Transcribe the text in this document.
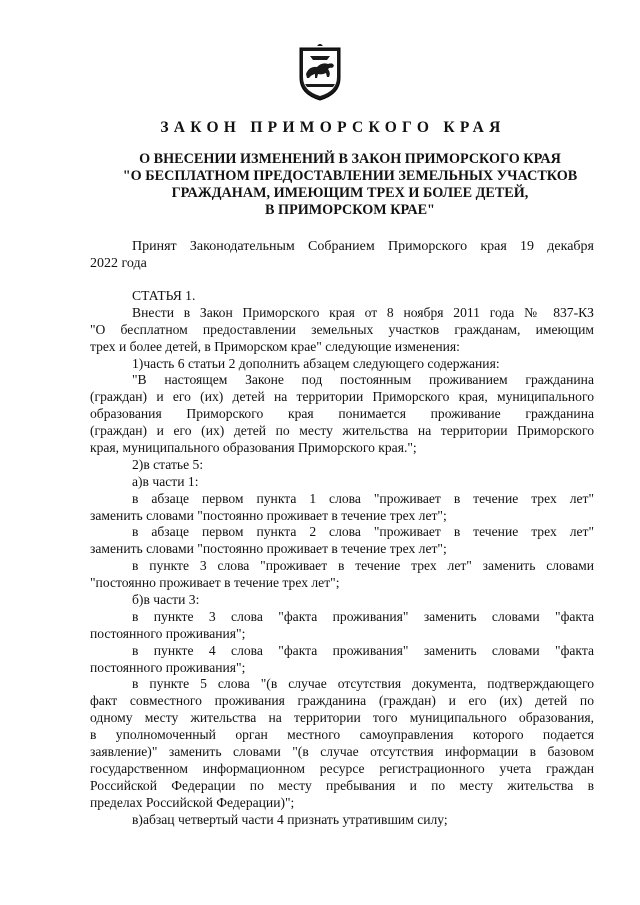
ЗАКОН ПРИМОРСКОГО КРАЯ
О ВНЕСЕНИИ ИЗМЕНЕНИЙ В ЗАКОН ПРИМОРСКОГО КРАЯ
"О БЕСПЛАТНОМ ПРЕДОСТАВЛЕНИИ ЗЕМЕЛЬНЫХ УЧАСТКОВ
ГРАЖДАНАМ, ИМЕЮЩИМ ТРЕХ И БОЛЕЕ ДЕТЕЙ,
В ПРИМОРСКОМ КРАЕ"
Принят Законодательным Собранием Приморского края 19 декабря
2022 года
СТАТЬЯ 1.
Внести в Закон Приморского края от 8 ноября 2011 года № 837-КЗ
"О бесплатном предоставлении земельных участков гражданам, имеющим
трех и более детей, в Приморском крае" следующие изменения:
1)часть 6 статьи 2 дополнить абзацем следующего содержания:
"В настоящем Законе под постоянным проживанием гражданина
(граждан) и его (их) детей на территории Приморского края, муниципального
образования Приморского края понимается проживание гражданина
(граждан) и его (их) детей по месту жительства на территории Приморского
края, муниципального образования Приморского края.";
2)в статье 5:
а)в части 1:
в абзаце первом пункта 1 слова "проживает в течение трех лет"
заменить словами "постоянно проживает в течение трех лет";
в абзаце первом пункта 2 слова "проживает в течение трех лет"
заменить словами "постоянно проживает в течение трех лет";
в пункте 3 слова "проживает в течение трех лет" заменить словами
"постоянно проживает в течение трех лет";
б)в части 3:
в пункте 3 слова "факта проживания" заменить словами "факта
постоянного проживания";
в пункте 4 слова "факта проживания" заменить словами "факта
постоянного проживания";
в пункте 5 слова "(в случае отсутствия документа, подтверждающего
факт совместного проживания гражданина (граждан) и его (их) детей по
одному месту жительства на территории того муниципального образования,
в уполномоченный орган местного самоуправления которого подается
заявление)" заменить словами "(в случае отсутствия информации в базовом
государственном информационном ресурсе регистрационного учета граждан
Российской Федерации по месту пребывания и по месту жительства в
пределах Российской Федерации)";
в)абзац четвертый части 4 признать утратившим силу;
